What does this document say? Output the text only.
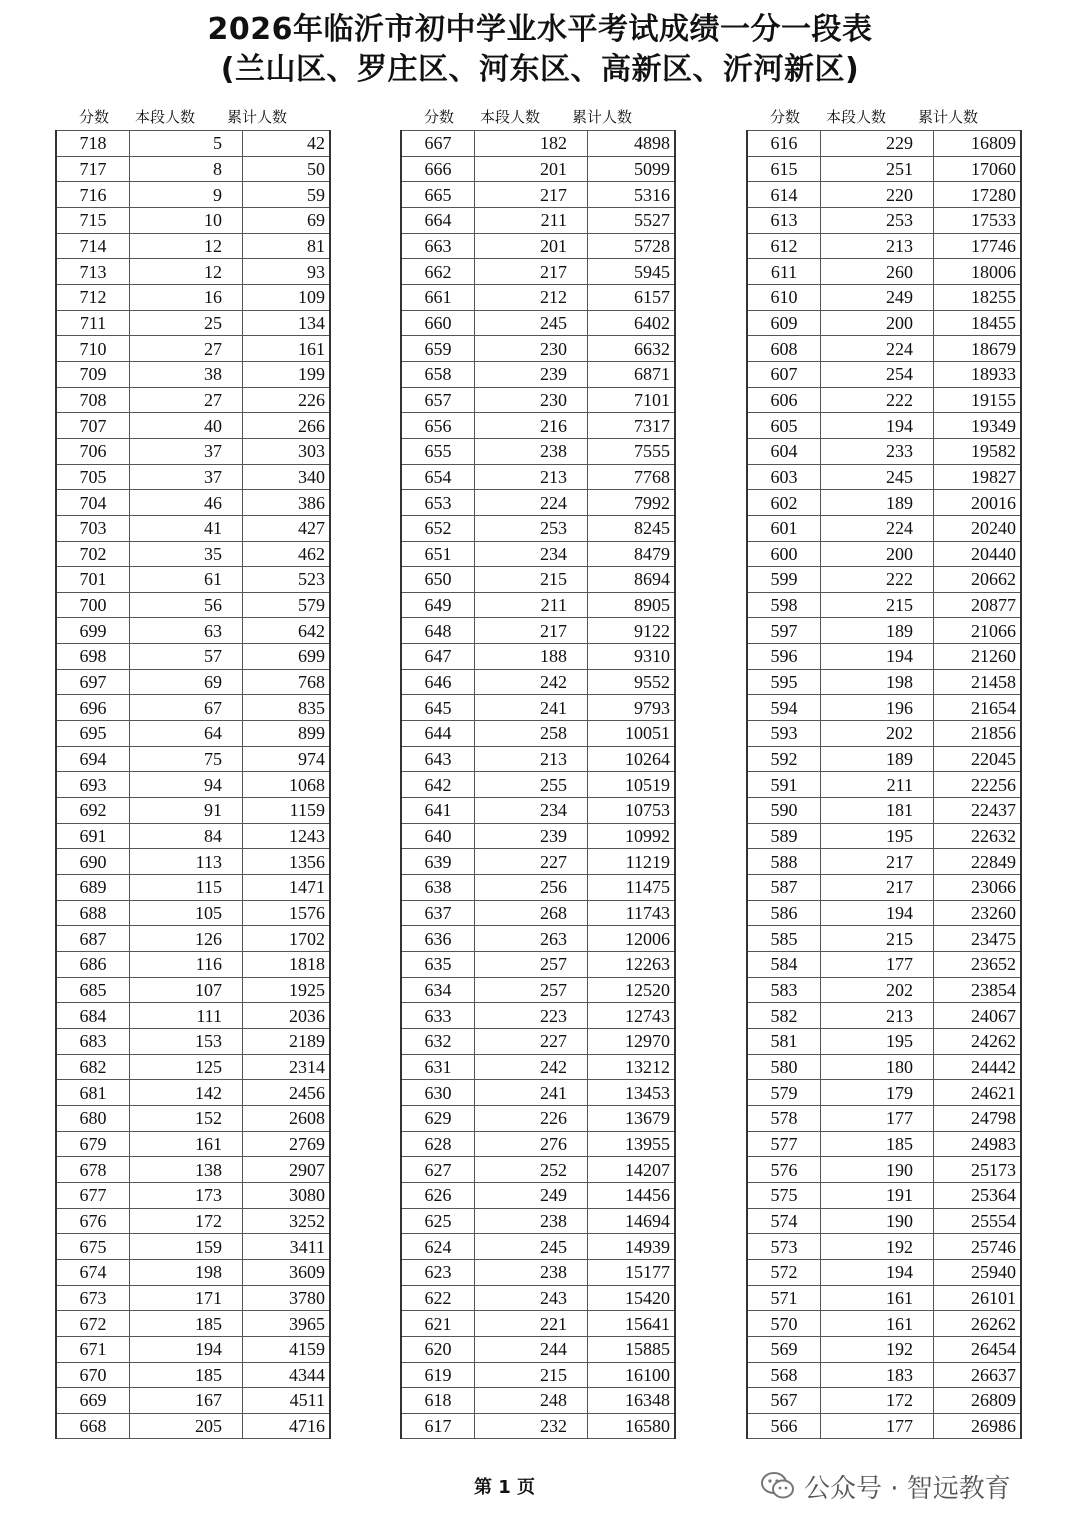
2026年临沂市初中学业水平考试成绩一分一段表
(兰山区、罗庄区、河东区、高新区、沂河新区)
分数 本段人数 累计人数
718	5	42
717	8	50
716	9	59
715	10	69
714	12	81
713	12	93
712	16	109
711	25	134
710	27	161
709	38	199
708	27	226
707	40	266
706	37	303
705	37	340
704	46	386
703	41	427
702	35	462
701	61	523
700	56	579
699	63	642
698	57	699
697	69	768
696	67	835
695	64	899
694	75	974
693	94	1068
692	91	1159
691	84	1243
690	113	1356
689	115	1471
688	105	1576
687	126	1702
686	116	1818
685	107	1925
684	111	2036
683	153	2189
682	125	2314
681	142	2456
680	152	2608
679	161	2769
678	138	2907
677	173	3080
676	172	3252
675	159	3411
674	198	3609
673	171	3780
672	185	3965
671	194	4159
670	185	4344
669	167	4511
668	205	4716
分数 本段人数 累计人数
667	182	4898
666	201	5099
665	217	5316
664	211	5527
663	201	5728
662	217	5945
661	212	6157
660	245	6402
659	230	6632
658	239	6871
657	230	7101
656	216	7317
655	238	7555
654	213	7768
653	224	7992
652	253	8245
651	234	8479
650	215	8694
649	211	8905
648	217	9122
647	188	9310
646	242	9552
645	241	9793
644	258	10051
643	213	10264
642	255	10519
641	234	10753
640	239	10992
639	227	11219
638	256	11475
637	268	11743
636	263	12006
635	257	12263
634	257	12520
633	223	12743
632	227	12970
631	242	13212
630	241	13453
629	226	13679
628	276	13955
627	252	14207
626	249	14456
625	238	14694
624	245	14939
623	238	15177
622	243	15420
621	221	15641
620	244	15885
619	215	16100
618	248	16348
617	232	16580
分数 本段人数 累计人数
616	229	16809
615	251	17060
614	220	17280
613	253	17533
612	213	17746
611	260	18006
610	249	18255
609	200	18455
608	224	18679
607	254	18933
606	222	19155
605	194	19349
604	233	19582
603	245	19827
602	189	20016
601	224	20240
600	200	20440
599	222	20662
598	215	20877
597	189	21066
596	194	21260
595	198	21458
594	196	21654
593	202	21856
592	189	22045
591	211	22256
590	181	22437
589	195	22632
588	217	22849
587	217	23066
586	194	23260
585	215	23475
584	177	23652
583	202	23854
582	213	24067
581	195	24262
580	180	24442
579	179	24621
578	177	24798
577	185	24983
576	190	25173
575	191	25364
574	190	25554
573	192	25746
572	194	25940
571	161	26101
570	161	26262
569	192	26454
568	183	26637
567	172	26809
566	177	26986
第 1 页	公众号 · 智远教育
